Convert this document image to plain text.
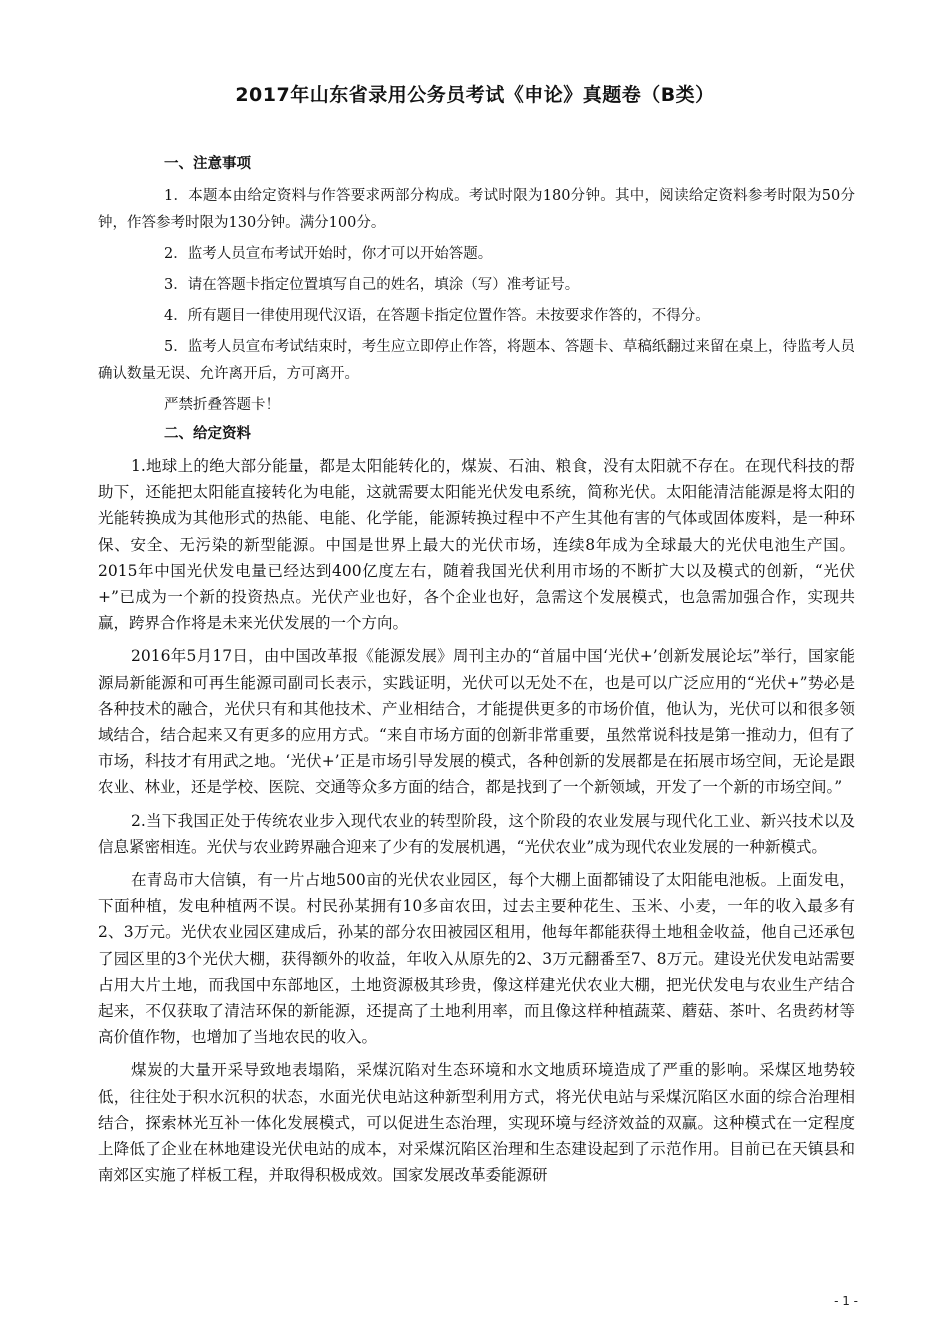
2017年山东省录用公务员考试《申论》真题卷（B类）
一、注意事项

1．本题本由给定资料与作答要求两部分构成。考试时限为180分钟。其中，阅读给定资料参考时限为50分钟，作答参考时限为130分钟。满分100分。

2．监考人员宣布考试开始时，你才可以开始答题。

3．请在答题卡指定位置填写自己的姓名，填涂（写）准考证号。

4．所有题目一律使用现代汉语，在答题卡指定位置作答。未按要求作答的，不得分。

5．监考人员宣布考试结束时，考生应立即停止作答，将题本、答题卡、草稿纸翻过来留在桌上，待监考人员确认数量无误、允许离开后，方可离开。

严禁折叠答题卡！

二、给定资料

1.地球上的绝大部分能量，都是太阳能转化的，煤炭、石油、粮食，没有太阳就不存在。在现代科技的帮助下，还能把太阳能直接转化为电能，这就需要太阳能光伏发电系统，简称光伏。太阳能清洁能源是将太阳的光能转换成为其他形式的热能、电能、化学能，能源转换过程中不产生其他有害的气体或固体废料，是一种环保、安全、无污染的新型能源。中国是世界上最大的光伏市场，连续8年成为全球最大的光伏电池生产国。2015年中国光伏发电量已经达到400亿度左右，随着我国光伏利用市场的不断扩大以及模式的创新，“光伏+”已成为一个新的投资热点。光伏产业也好，各个企业也好，急需这个发展模式，也急需加强合作，实现共赢，跨界合作将是未来光伏发展的一个方向。

2016年5月17日，由中国改革报《能源发展》周刊主办的“首届中国‘光伏+’创新发展论坛”举行，国家能源局新能源和可再生能源司副司长表示，实践证明，光伏可以无处不在，也是可以广泛应用的“光伏+”势必是各种技术的融合，光伏只有和其他技术、产业相结合，才能提供更多的市场价值，他认为，光伏可以和很多领域结合，结合起来又有更多的应用方式。“来自市场方面的创新非常重要，虽然常说科技是第一推动力，但有了市场，科技才有用武之地。‘光伏+’正是市场引导发展的模式，各种创新的发展都是在拓展市场空间，无论是跟农业、林业，还是学校、医院、交通等众多方面的结合，都是找到了一个新领域，开发了一个新的市场空间。”

2.当下我国正处于传统农业步入现代农业的转型阶段，这个阶段的农业发展与现代化工业、新兴技术以及信息紧密相连。光伏与农业跨界融合迎来了少有的发展机遇，“光伏农业”成为现代农业发展的一种新模式。

在青岛市大信镇，有一片占地500亩的光伏农业园区，每个大棚上面都铺设了太阳能电池板。上面发电，下面种植，发电种植两不误。村民孙某拥有10多亩农田，过去主要种花生、玉米、小麦，一年的收入最多有2、3万元。光伏农业园区建成后，孙某的部分农田被园区租用，他每年都能获得土地租金收益，他自己还承包了园区里的3个光伏大棚，获得额外的收益，年收入从原先的2、3万元翻番至7、8万元。建设光伏发电站需要占用大片土地，而我国中东部地区，土地资源极其珍贵，像这样建光伏农业大棚，把光伏发电与农业生产结合起来，不仅获取了清洁环保的新能源，还提高了土地利用率，而且像这样种植蔬菜、蘑菇、茶叶、名贵药材等高价值作物，也增加了当地农民的收入。

煤炭的大量开采导致地表塌陷，采煤沉陷对生态环境和水文地质环境造成了严重的影响。采煤区地势较低，往往处于积水沉积的状态，水面光伏电站这种新型利用方式，将光伏电站与采煤沉陷区水面的综合治理相结合，探索林光互补一体化发展模式，可以促进生态治理，实现环境与经济效益的双赢。这种模式在一定程度上降低了企业在林地建设光伏电站的成本，对采煤沉陷区治理和生态建设起到了示范作用。目前已在天镇县和南郊区实施了样板工程，并取得积极成效。国家发展改革委能源研

- 1 -
